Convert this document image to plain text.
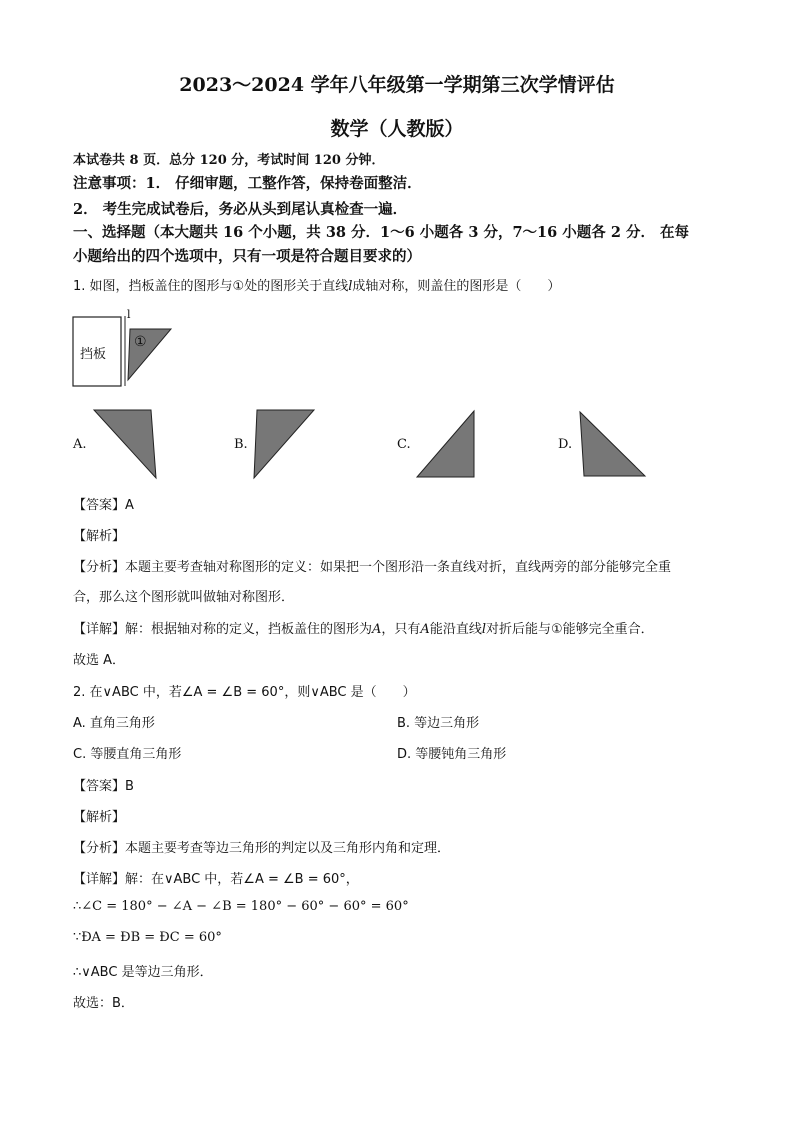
2023～2024 学年八年级第一学期第三次学情评估
数学（人教版）
本试卷共 8 页．总分 120 分，考试时间 120 分钟．
注意事项：1． 仔细审题，工整作答，保持卷面整洁．
2． 考生完成试卷后，务必从头到尾认真检查一遍．
一、选择题（本大题共 16 个小题，共 38 分．1～6 小题各 3 分，7～16 小题各 2 分． 在每
小题给出的四个选项中，只有一项是符合题目要求的）
1. 如图，挡板盖住的图形与①处的图形关于直线l成轴对称，则盖住的图形是（　　）
挡板
l
①
A.	B.	C.	D.
【答案】A
【解析】
【分析】本题主要考查轴对称图形的定义：如果把一个图形沿一条直线对折，直线两旁的部分能够完全重
合，那么这个图形就叫做轴对称图形．
【详解】解：根据轴对称的定义，挡板盖住的图形为A，只有A能沿直线l对折后能与①能够完全重合．
故选 A．
2. 在∨ABC 中，若∠A = ∠B = 60°，则∨ABC 是（　　）
A. 直角三角形	B. 等边三角形
C. 等腰直角三角形	D. 等腰钝角三角形
【答案】B
【解析】
【分析】本题主要考查等边三角形的判定以及三角形内角和定理．
【详解】解：在∨ABC 中，若∠A = ∠B = 60°，
∴∠C = 180° − ∠A − ∠B = 180° − 60° − 60° = 60°
∵ÐA = ÐB = ÐC = 60°
∴∨ABC 是等边三角形．
故选：B．
